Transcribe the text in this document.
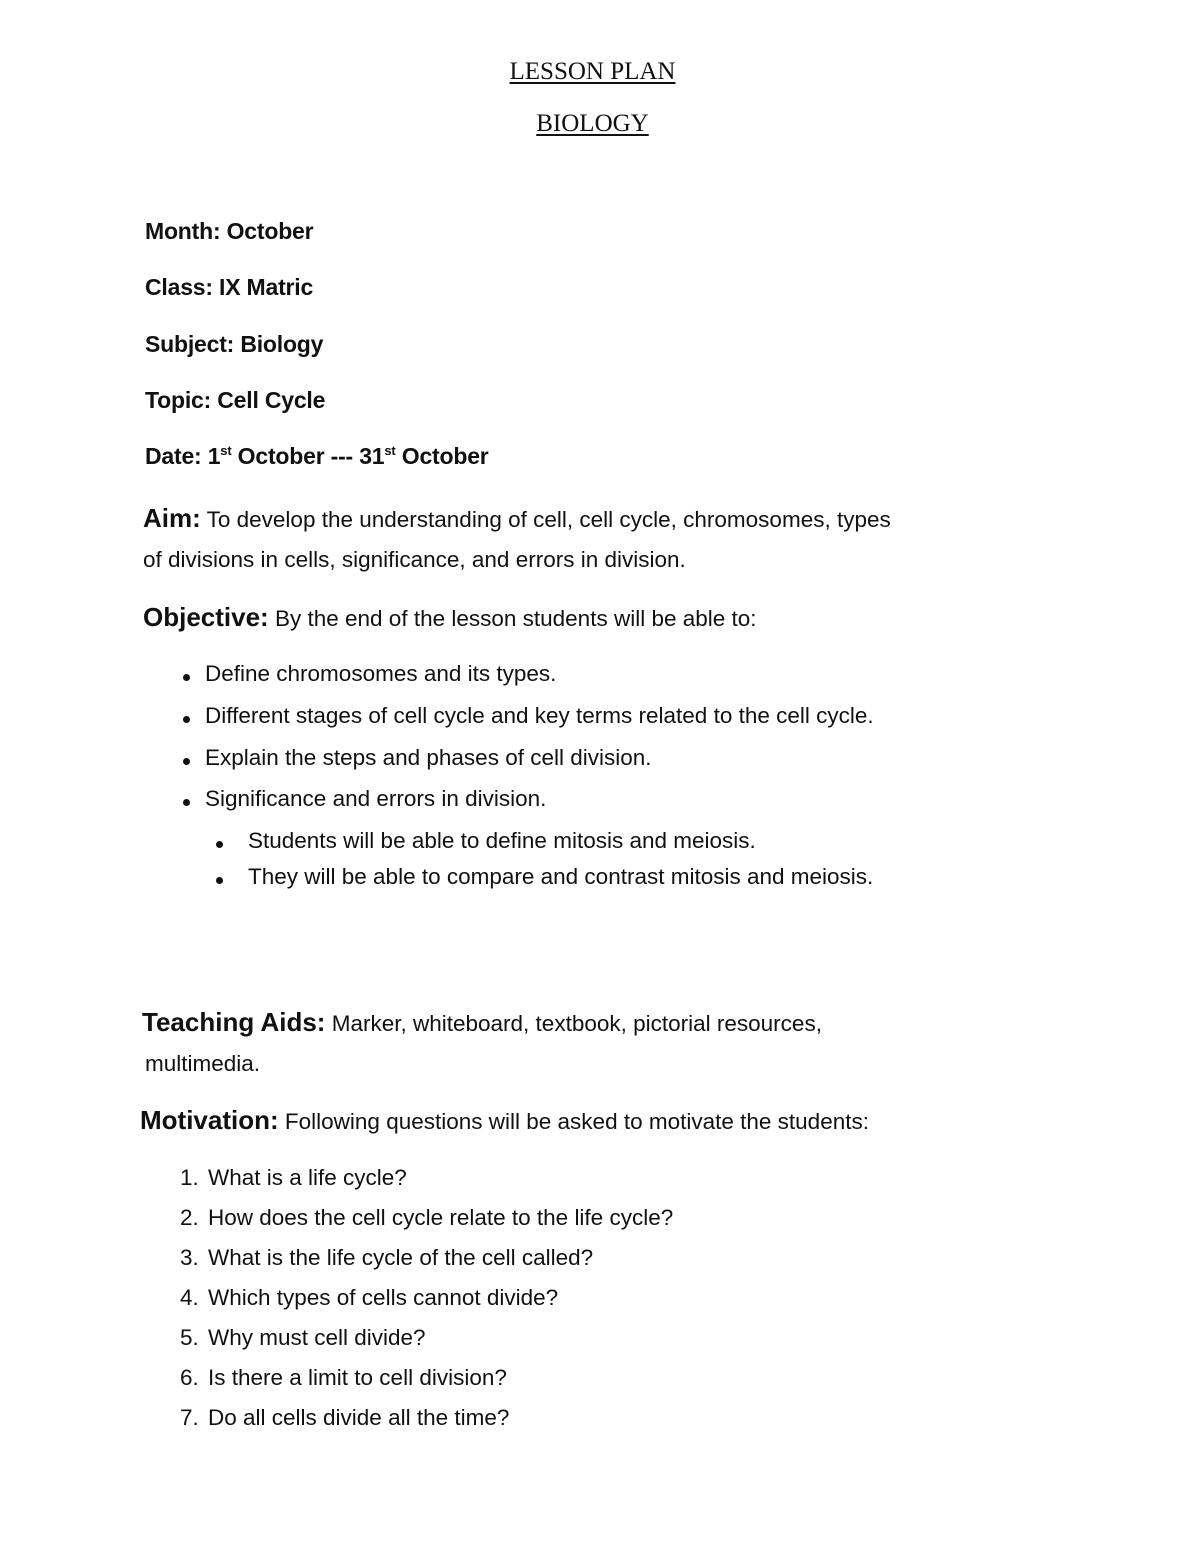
LESSON PLAN
BIOLOGY

Month: October

Class: IX Matric

Subject: Biology

Topic: Cell Cycle

Date: 1st October --- 31st October

Aim: To develop the understanding of cell, cell cycle, chromosomes, types
of divisions in cells, significance, and errors in division.
Objective: By the end of the lesson students will be able to:
Define chromosomes and its types.
Different stages of cell cycle and key terms related to the cell cycle.
Explain the steps and phases of cell division.
Significance and errors in division.
Students will be able to define mitosis and meiosis.
They will be able to compare and contrast mitosis and meiosis.
Teaching Aids: Marker, whiteboard, textbook, pictorial resources,
multimedia.
Motivation: Following questions will be asked to motivate the students:
1. What is a life cycle?
2. How does the cell cycle relate to the life cycle?
3. What is the life cycle of the cell called?
4. Which types of cells cannot divide?
5. Why must cell divide?
6. Is there a limit to cell division?
7. Do all cells divide all the time?
